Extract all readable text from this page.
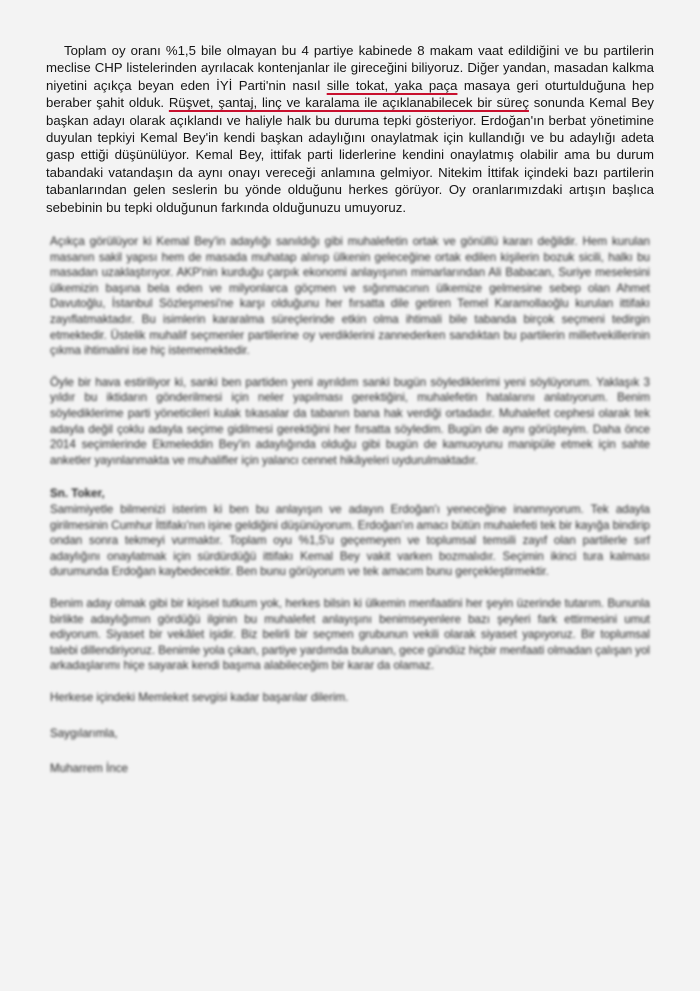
Toplam oy oranı %1,5 bile olmayan bu 4 partiye kabinede 8 makam vaat edildiğini ve bu partilerin meclise CHP listelerinden ayrılacak kontenjanlar ile gireceğini biliyoruz. Diğer yandan, masadan kalkma niyetini açıkça beyan eden İYİ Parti'nin nasıl sille tokat, yaka paça masaya geri oturtulduğuna hep beraber şahit olduk. Rüşvet, şantaj, linç ve karalama ile açıklanabilecek bir süreç sonunda Kemal Bey başkan adayı olarak açıklandı ve haliyle halk bu duruma tepki gösteriyor. Erdoğan'ın berbat yönetimine duyulan tepkiyi Kemal Bey'in kendi başkan adaylığını onaylatmak için kullandığı ve bu adaylığı adeta gasp ettiği düşünülüyor. Kemal Bey, ittifak parti liderlerine kendini onaylatmış olabilir ama bu durum tabandaki vatandaşın da aynı onayı vereceği anlamına gelmiyor. Nitekim İttifak içindeki bazı partilerin tabanlarından gelen seslerin bu yönde olduğunu herkes görüyor. Oy oranlarımızdaki artışın başlıca sebebinin bu tepki olduğunun farkında olduğunuzu umuyoruz.

Açıkça görülüyor ki Kemal Bey'in adaylığı sanıldığı gibi muhalefetin ortak ve gönüllü kararı değildir. Hem kurulan masanın sakil yapısı hem de masada muhatap alınıp ülkenin geleceğine ortak edilen kişilerin bozuk sicili, halkı bu masadan uzaklaştırıyor. AKP'nin kurduğu çarpık ekonomi anlayışının mimarlarından Ali Babacan, Suriye meselesini ülkemizin başına bela eden ve milyonlarca göçmen ve sığınmacının ülkemize gelmesine sebep olan Ahmet Davutoğlu, İstanbul Sözleşmesi'ne karşı olduğunu her fırsatta dile getiren Temel Karamollaoğlu kurulan ittifakı zayıflatmaktadır. Bu isimlerin kararalma süreçlerinde etkin olma ihtimali bile tabanda birçok seçmeni tedirgin etmektedir. Üstelik muhalif seçmenler partilerine oy verdiklerini zannederken sandıktan bu partilerin milletvekillerinin çıkma ihtimalini ise hiç istememektedir.

Öyle bir hava estiriliyor ki, sanki ben partiden yeni ayrıldım sanki bugün söylediklerimi yeni söylüyorum. Yaklaşık 3 yıldır bu iktidarın gönderilmesi için neler yapılması gerektiğini, muhalefetin hatalarını anlatıyorum. Benim söylediklerime parti yöneticileri kulak tıkasalar da tabanın bana hak verdiği ortadadır. Muhalefet cephesi olarak tek adayla değil çoklu adayla seçime gidilmesi gerektiğini her fırsatta söyledim. Bugün de aynı görüşteyim. Daha önce 2014 seçimlerinde Ekmeleddin Bey'in adaylığında olduğu gibi bugün de kamuoyunu manipüle etmek için sahte anketler yayınlanmakta ve muhalifler için yalancı cennet hikâyeleri uydurulmaktadır.

Sn. Toker,

Samimiyetle bilmenizi isterim ki ben bu anlayışın ve adayın Erdoğan'ı yeneceğine inanmıyorum. Tek adayla girilmesinin Cumhur İttifakı'nın işine geldiğini düşünüyorum. Erdoğan'ın amacı bütün muhalefeti tek bir kayığa bindirip ondan sonra tekmeyi vurmaktır. Toplam oyu %1,5'u geçemeyen ve toplumsal temsili zayıf olan partilerle sırf adaylığını onaylatmak için sürdürdüğü ittifakı Kemal Bey vakit varken bozmalıdır. Seçimin ikinci tura kalması durumunda Erdoğan kaybedecektir. Ben bunu görüyorum ve tek amacım bunu gerçekleştirmektir.

Benim aday olmak gibi bir kişisel tutkum yok, herkes bilsin ki ülkemin menfaatini her şeyin üzerinde tutarım. Bununla birlikte adaylığımın gördüğü ilginin bu muhalefet anlayışını benimseyenlere bazı şeyleri fark ettirmesini umut ediyorum. Siyaset bir vekâlet işidir. Biz belirli bir seçmen grubunun vekili olarak siyaset yapıyoruz. Bir toplumsal talebi dillendiriyoruz. Benimle yola çıkan, partiye yardımda bulunan, gece gündüz hiçbir menfaati olmadan çalışan yol arkadaşlarımı hiçe sayarak kendi başıma alabileceğim bir karar da olamaz.

Herkese içindeki Memleket sevgisi kadar başarılar dilerim.

Saygılarımla,

Muharrem İnce
